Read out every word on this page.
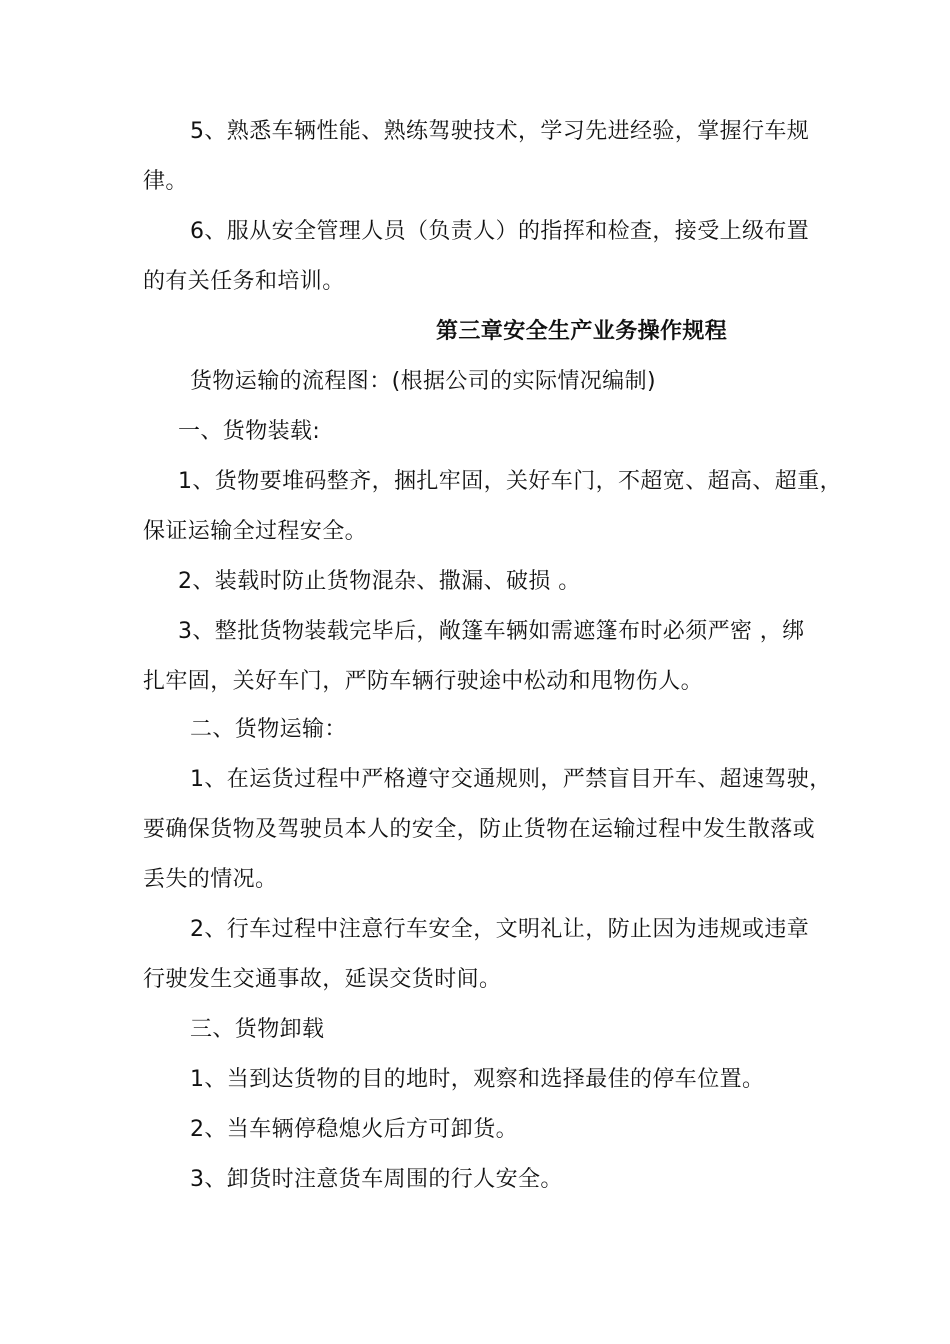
5、熟悉车辆性能、熟练驾驶技术，学习先进经验，掌握行车规
律。
6、服从安全管理人员（负责人）的指挥和检查，接受上级布置
的有关任务和培训。
第三章安全生产业务操作规程
货物运输的流程图：(根据公司的实际情况编制)
一、货物装载:
1、货物要堆码整齐，捆扎牢固，关好车门，不超宽、超高、超重，
保证运输全过程安全。
2、装载时防止货物混杂、撒漏、破损 。
3、整批货物装载完毕后，敞篷车辆如需遮篷布时必须严密 ，绑
扎牢固，关好车门，严防车辆行驶途中松动和甩物伤人。
二、货物运输：
1、在运货过程中严格遵守交通规则，严禁盲目开车、超速驾驶，
要确保货物及驾驶员本人的安全，防止货物在运输过程中发生散落或
丢失的情况。
2、行车过程中注意行车安全，文明礼让，防止因为违规或违章
行驶发生交通事故，延误交货时间。
三、货物卸载
1、当到达货物的目的地时，观察和选择最佳的停车位置。
2、当车辆停稳熄火后方可卸货。
3、卸货时注意货车周围的行人安全。
